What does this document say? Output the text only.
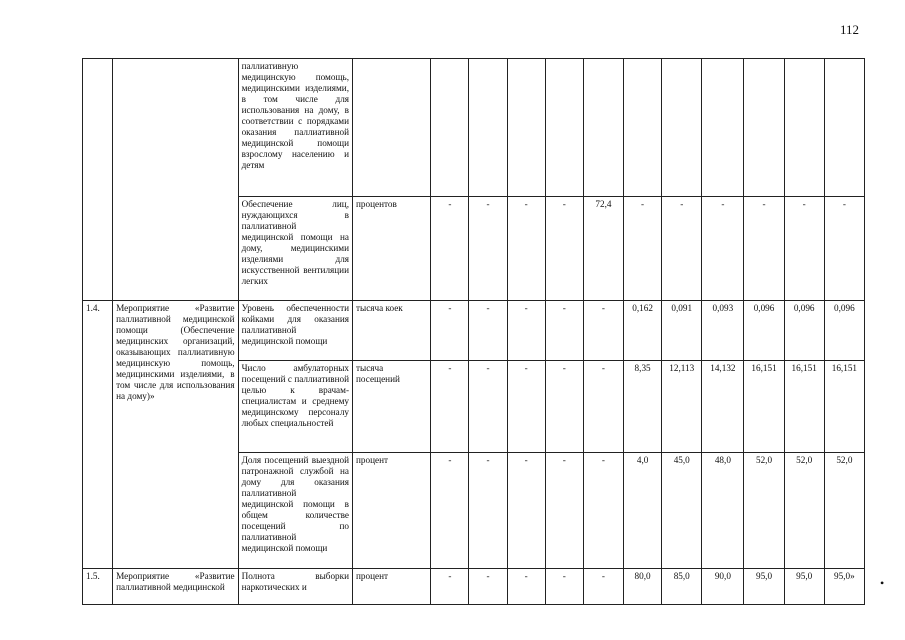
112
		паллиативную медицинскую помощь, медицинскими изделиями, в том числе для использования на дому, в соответствии с порядками оказания паллиативной медицинской помощи взрослому населению и детям												
		Обеспечение лиц, нуждающихся в паллиативной медицинской помощи на дому, медицинскими изделиями для искусственной вентиляции легких	процентов	-	-	-	-	72,4	-	-	-	-	-	-
1.4.	Мероприятие «Развитие паллиативной медицинской помощи (Обеспечение медицинских организаций, оказывающих паллиативную медицинскую помощь, медицинскими изделиями, в том числе для использования на дому)»	Уровень обеспеченности койками для оказания паллиативной медицинской помощи	тысяча коек	-	-	-	-	-	0,162	0,091	0,093	0,096	0,096	0,096
		Число амбулаторных посещений с паллиативной целью к врачам-специалистам и среднему медицинскому персоналу любых специальностей	тысяча посещений	-	-	-	-	-	8,35	12,113	14,132	16,151	16,151	16,151
		Доля посещений выездной патронажной службой на дому для оказания паллиативной медицинской помощи в общем количестве посещений по паллиативной медицинской помощи	процент	-	-	-	-	-	4,0	45,0	48,0	52,0	52,0	52,0
1.5.	Мероприятие «Развитие паллиативной медицинской	Полнота выборки наркотических и	процент	-	-	-	-	-	80,0	85,0	90,0	95,0	95,0	95,0» •
